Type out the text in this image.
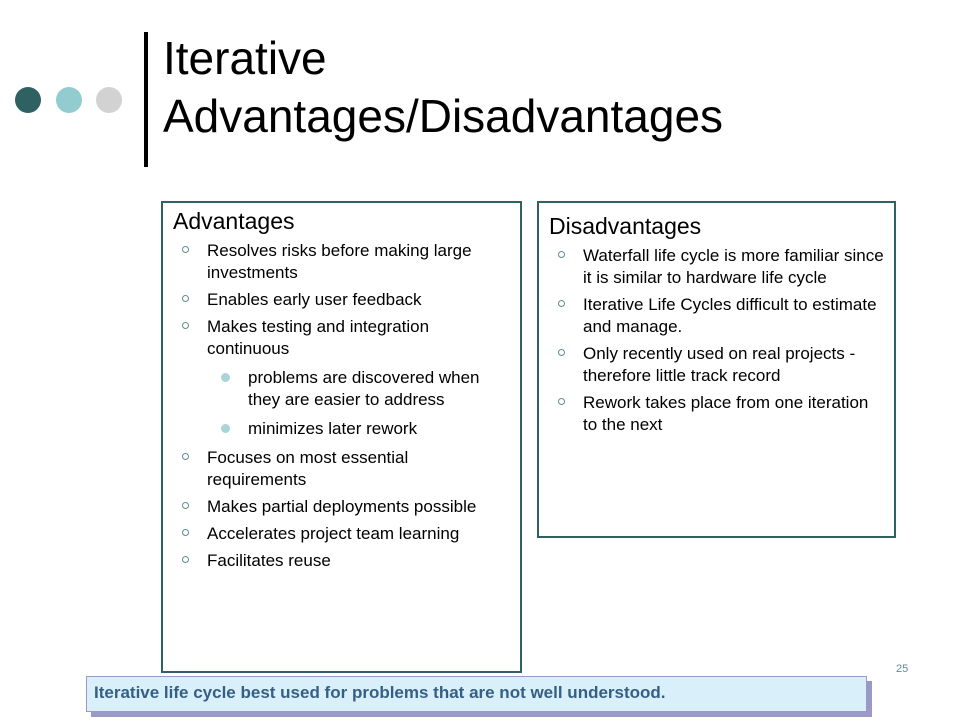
Iterative
Advantages/Disadvantages
Advantages
Resolves risks before making large investments
Enables early user feedback
Makes testing and integration continuous
problems are discovered when they are easier to address
minimizes later rework
Focuses on most essential requirements
Makes partial deployments possible
Accelerates project team learning
Facilitates reuse
Disadvantages
Waterfall life cycle is more familiar since it is similar to hardware life cycle
Iterative Life Cycles difficult to estimate and manage.
Only recently used on real projects - therefore little track record
Rework takes place from one iteration to the next
25
Iterative life cycle best used for problems that are not well understood.
